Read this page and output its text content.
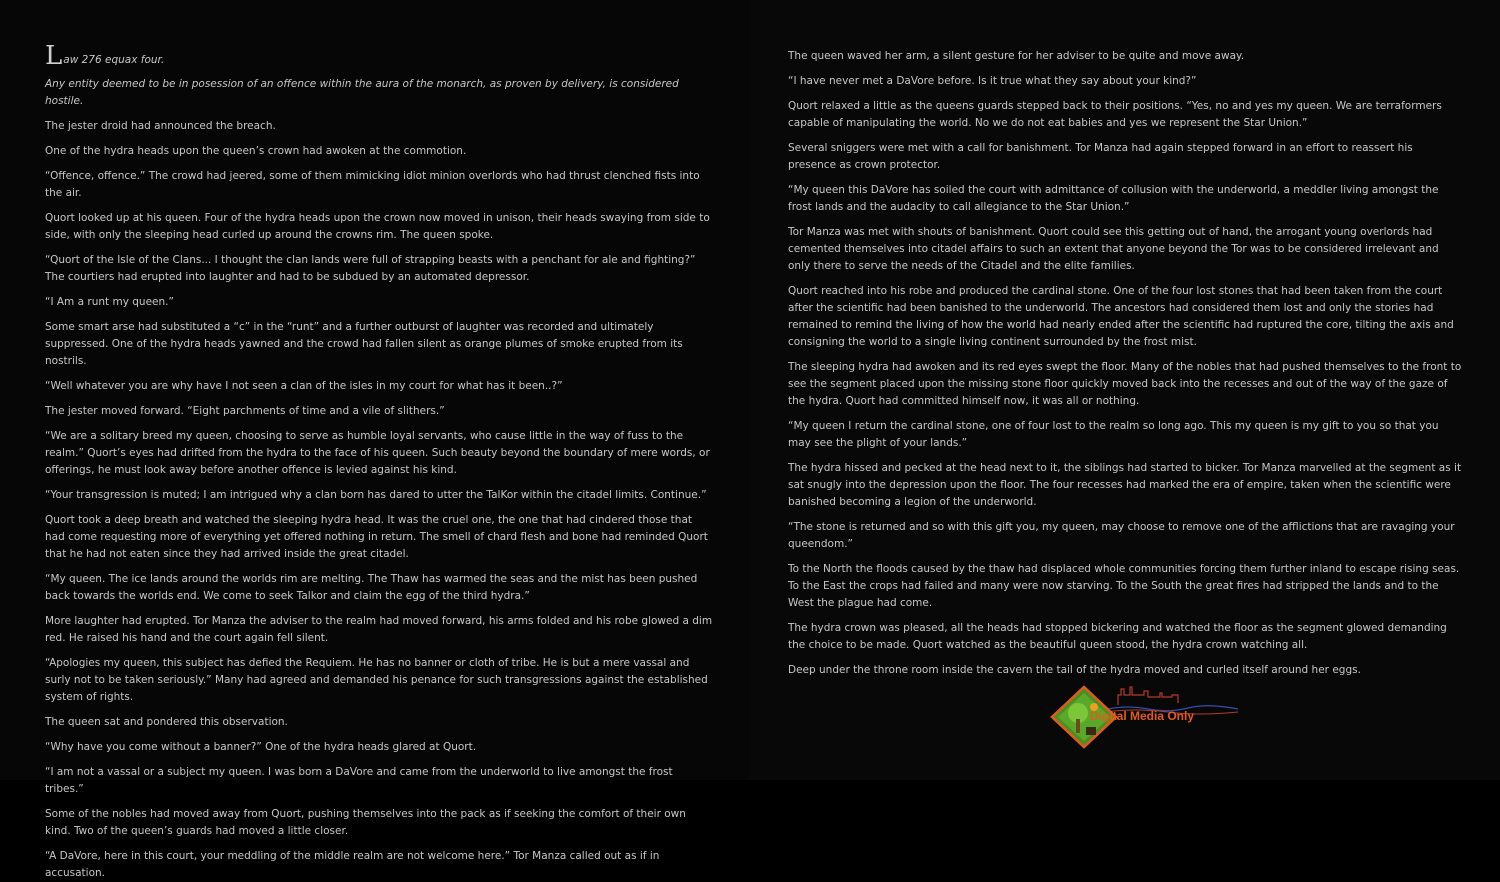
Law 276 equax four.

Any entity deemed to be in posession of an offence within the aura of the monarch, as proven by delivery, is considered hostile.

The jester droid had announced the breach.

One of the hydra heads upon the queen’s crown had awoken at the commotion.

“Offence, offence.” The crowd had jeered, some of them mimicking idiot minion overlords who had thrust clenched fists into the air.

Quort looked up at his queen. Four of the hydra heads upon the crown now moved in unison, their heads swaying from side to side, with only the sleeping head curled up around the crowns rim. The queen spoke.

“Quort of the Isle of the Clans... I thought the clan lands were full of strapping beasts with a penchant for ale and fighting?” The courtiers had erupted into laughter and had to be subdued by an automated depressor.

“I Am a runt my queen.”

Some smart arse had substituted a “c” in the “runt” and a further outburst of laughter was recorded and ultimately suppressed. One of the hydra heads yawned and the crowd had fallen silent as orange plumes of smoke erupted from its nostrils.

“Well whatever you are why have I not seen a clan of the isles in my court for what has it been..?”

The jester moved forward. “Eight parchments of time and a vile of slithers.”

“We are a solitary breed my queen, choosing to serve as humble loyal servants, who cause little in the way of fuss to the realm.” Quort’s eyes had drifted from the hydra to the face of his queen. Such beauty beyond the boundary of mere words, or offerings, he must look away before another offence is levied against his kind.

“Your transgression is muted; I am intrigued why a clan born has dared to utter the TalKor within the citadel limits. Continue.”

Quort took a deep breath and watched the sleeping hydra head. It was the cruel one, the one that had cindered those that had come requesting more of everything yet offered nothing in return. The smell of chard flesh and bone had reminded Quort that he had not eaten since they had arrived inside the great citadel.

“My queen. The ice lands around the worlds rim are melting. The Thaw has warmed the seas and the mist has been pushed back towards the worlds end. We come to seek Talkor and claim the egg of the third hydra.”

More laughter had erupted. Tor Manza the adviser to the realm had moved forward, his arms folded and his robe glowed a dim red. He raised his hand and the court again fell silent.

“Apologies my queen, this subject has defied the Requiem. He has no banner or cloth of tribe. He is but a mere vassal and surly not to be taken seriously.” Many had agreed and demanded his penance for such transgressions against the established system of rights.

The queen sat and pondered this observation.

“Why have you come without a banner?” One of the hydra heads glared at Quort.

“I am not a vassal or a subject my queen. I was born a DaVore and came from the underworld to live amongst the frost tribes.”

Some of the nobles had moved away from Quort, pushing themselves into the pack as if seeking the comfort of their own kind. Two of the queen’s guards had moved a little closer.

“A DaVore, here in this court, your meddling of the middle realm are not welcome here.” Tor Manza called out as if in accusation.

The queen waved her arm, a silent gesture for her adviser to be quite and move away.

“I have never met a DaVore before. Is it true what they say about your kind?”

Quort relaxed a little as the queens guards stepped back to their positions. “Yes, no and yes my queen. We are terraformers capable of manipulating the world. No we do not eat babies and yes we represent the Star Union.”

Several sniggers were met with a call for banishment. Tor Manza had again stepped forward in an effort to reassert his presence as crown protector.

“My queen this DaVore has soiled the court with admittance of collusion with the underworld, a meddler living amongst the frost lands and the audacity to call allegiance to the Star Union.”

Tor Manza was met with shouts of banishment. Quort could see this getting out of hand, the arrogant young overlords had cemented themselves into citadel affairs to such an extent that anyone beyond the Tor was to be considered irrelevant and only there to serve the needs of the Citadel and the elite families.

Quort reached into his robe and produced the cardinal stone. One of the four lost stones that had been taken from the court after the scientific had been banished to the underworld. The ancestors had considered them lost and only the stories had remained to remind the living of how the world had nearly ended after the scientific had ruptured the core, tilting the axis and consigning the world to a single living continent surrounded by the frost mist.

The sleeping hydra had awoken and its red eyes swept the floor. Many of the nobles that had pushed themselves to the front to see the segment placed upon the missing stone floor quickly moved back into the recesses and out of the way of the gaze of the hydra. Quort had committed himself now, it was all or nothing.

“My queen I return the cardinal stone, one of four lost to the realm so long ago. This my queen is my gift to you so that you may see the plight of your lands.”

The hydra hissed and pecked at the head next to it, the siblings had started to bicker. Tor Manza marvelled at the segment as it sat snugly into the depression upon the floor. The four recesses had marked the era of empire, taken when the scientific were banished becoming a legion of the underworld.

“The stone is returned and so with this gift you, my queen, may choose to remove one of the afflictions that are ravaging your queendom.”

To the North the floods caused by the thaw had displaced whole communities forcing them further inland to escape rising seas. To the East the crops had failed and many were now starving. To the South the great fires had stripped the lands and to the West the plague had come.

The hydra crown was pleased, all the heads had stopped bickering and watched the floor as the segment glowed demanding the choice to be made. Quort watched as the beautiful queen stood, the hydra crown watching all.

Deep under the throne room inside the cavern the tail of the hydra moved and curled itself around her eggs.

Digital Media Only
